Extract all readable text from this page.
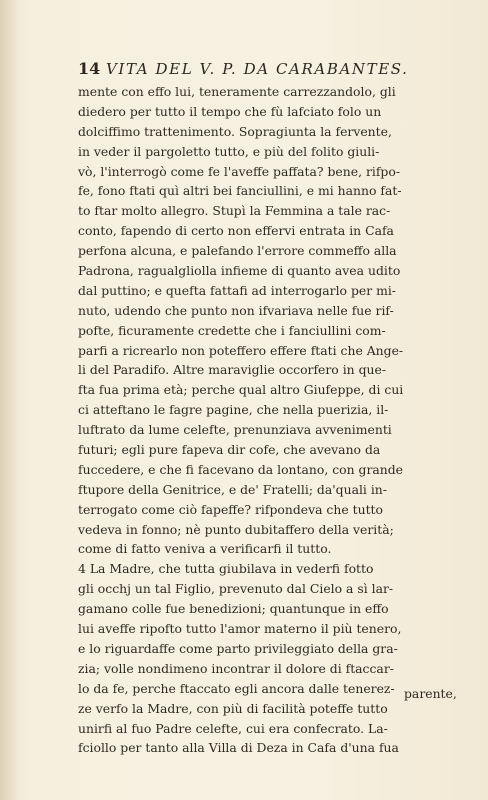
14 VITA DEL V. P. DA CARABANTES.
mente con effo lui, teneramente carrezzandolo, gli
diedero per tutto il tempo che fù lafciato folo un
dolciffimo trattenimento. Sopragiunta la fervente,
in veder il pargoletto tutto, e più del folito giuli-
vò, l'interrogò come fe l'aveffe paffata? bene, rifpo-
fe, fono ftati quì altri bei fanciullini, e mi hanno fat-
to ftar molto allegro. Stupì la Femmina a tale rac-
conto, fapendo di certo non effervi entrata in Cafa
perfona alcuna, e palefando l'errore commeffo alla
Padrona, ragualgliolla infieme di quanto avea udito
dal puttino; e quefta fattafi ad interrogarlo per mi-
nuto, udendo che punto non ifvariava nelle fue rif-
pofte, ficuramente credette che i fanciullini com-
parfi a ricrearlo non poteffero effere ftati che Ange-
li del Paradifo. Altre maraviglie occorfero in que-
fta fua prima età; perche qual altro Giufeppe, di cui
ci atteftano le fagre pagine, che nella puerizia, il-
luftrato da lume celefte, prenunziava avvenimenti
futuri; egli pure fapeva dir cofe, che avevano da
fuccedere, e che fi facevano da lontano, con grande
ftupore della Genitrice, e de' Fratelli; da'quali in-
terrogato come ciò fapeffe? rifpondeva che tutto
vedeva in fonno; nè punto dubitaffero della verità;
come di fatto veniva a verificarfi il tutto.
4 La Madre, che tutta giubilava in vederfi fotto
gli occhj un tal Figlio, prevenuto dal Cielo a sì lar-
gamano colle fue benedizioni; quantunque in effo
lui aveffe ripofto tutto l'amor materno il più tenero,
e lo riguardaffe come parto privileggiato della gra-
zia; volle nondimeno incontrar il dolore di ftaccar-
lo da fe, perche ftaccato egli ancora dalle tenerez-
ze verfo la Madre, con più di facilità poteffe tutto
unirfi al fuo Padre celefte, cui era confecrato. La-
fciollo per tanto alla Villa di Deza in Cafa d'una fua
parente,
